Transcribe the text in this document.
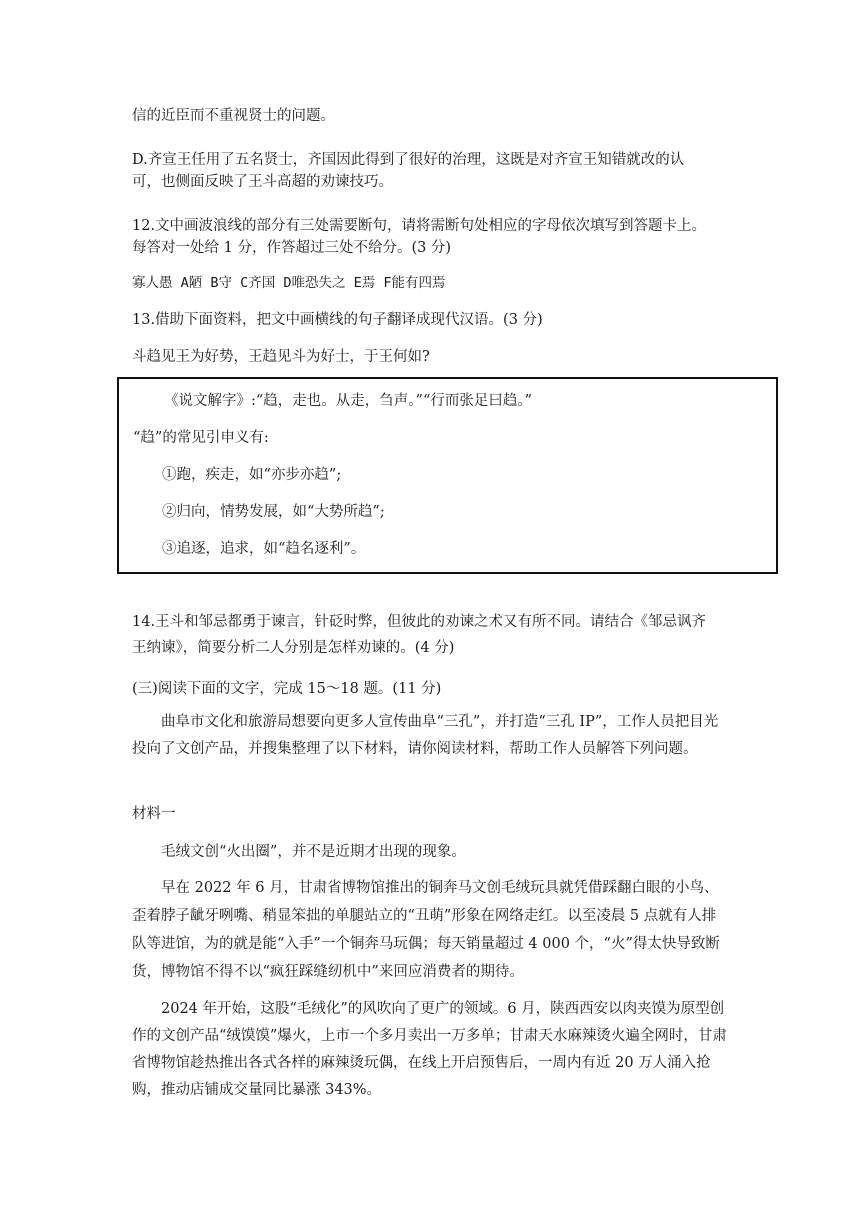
信的近臣而不重视贤士的问题。

D.齐宣王任用了五名贤士，齐国因此得到了很好的治理，这既是对齐宣王知错就改的认

可，也侧面反映了王斗高超的劝谏技巧。

12.文中画波浪线的部分有三处需要断句，请将需断句处相应的字母依次填写到答题卡上。

每答对一处给 1 分，作答超过三处不给分。(3 分)

寡人愚 A陋 B守 C齐国 D唯恐失之 E焉 F能有四焉

13.借助下面资料，把文中画横线的句子翻译成现代汉语。(3 分)

斗趋见王为好势，王趋见斗为好士，于王何如?

《说文解字》:“趋，走也。从走，刍声。”“行而张足曰趋。”

“趋”的常见引申义有:

①跑，疾走，如“亦步亦趋”;

②归向，情势发展，如“大势所趋”;

③追逐，追求，如“趋名逐利”。

14.王斗和邹忌都勇于谏言，针砭时弊，但彼此的劝谏之术又有所不同。请结合《邹忌讽齐

王纳谏》，简要分析二人分别是怎样劝谏的。(4 分)

(三)阅读下面的文字，完成 15～18 题。(11 分)

曲阜市文化和旅游局想要向更多人宣传曲阜“三孔”，并打造“三孔 IP”，工作人员把目光投向了文创产品，并搜集整理了以下材料，请你阅读材料，帮助工作人员解答下列问题。

材料一

毛绒文创“火出圈”，并不是近期才出现的现象。

早在 2022 年 6 月，甘肃省博物馆推出的铜奔马文创毛绒玩具就凭借踩翻白眼的小鸟、歪着脖子龇牙咧嘴、稍显笨拙的单腿站立的“丑萌”形象在网络走红。以至凌晨 5 点就有人排队等进馆，为的就是能“入手”一个铜奔马玩偶；每天销量超过 4 000 个，“火”得太快导致断货，博物馆不得不以“疯狂踩缝纫机中”来回应消费者的期待。

2024 年开始，这股“毛绒化”的风吹向了更广的领域。6 月，陕西西安以肉夹馍为原型创作的文创产品“绒馍馍”爆火，上市一个多月卖出一万多单；甘肃天水麻辣烫火遍全网时，甘肃省博物馆趁热推出各式各样的麻辣烫玩偶，在线上开启预售后，一周内有近 20 万人涌入抢购，推动店铺成交量同比暴涨 343%。
